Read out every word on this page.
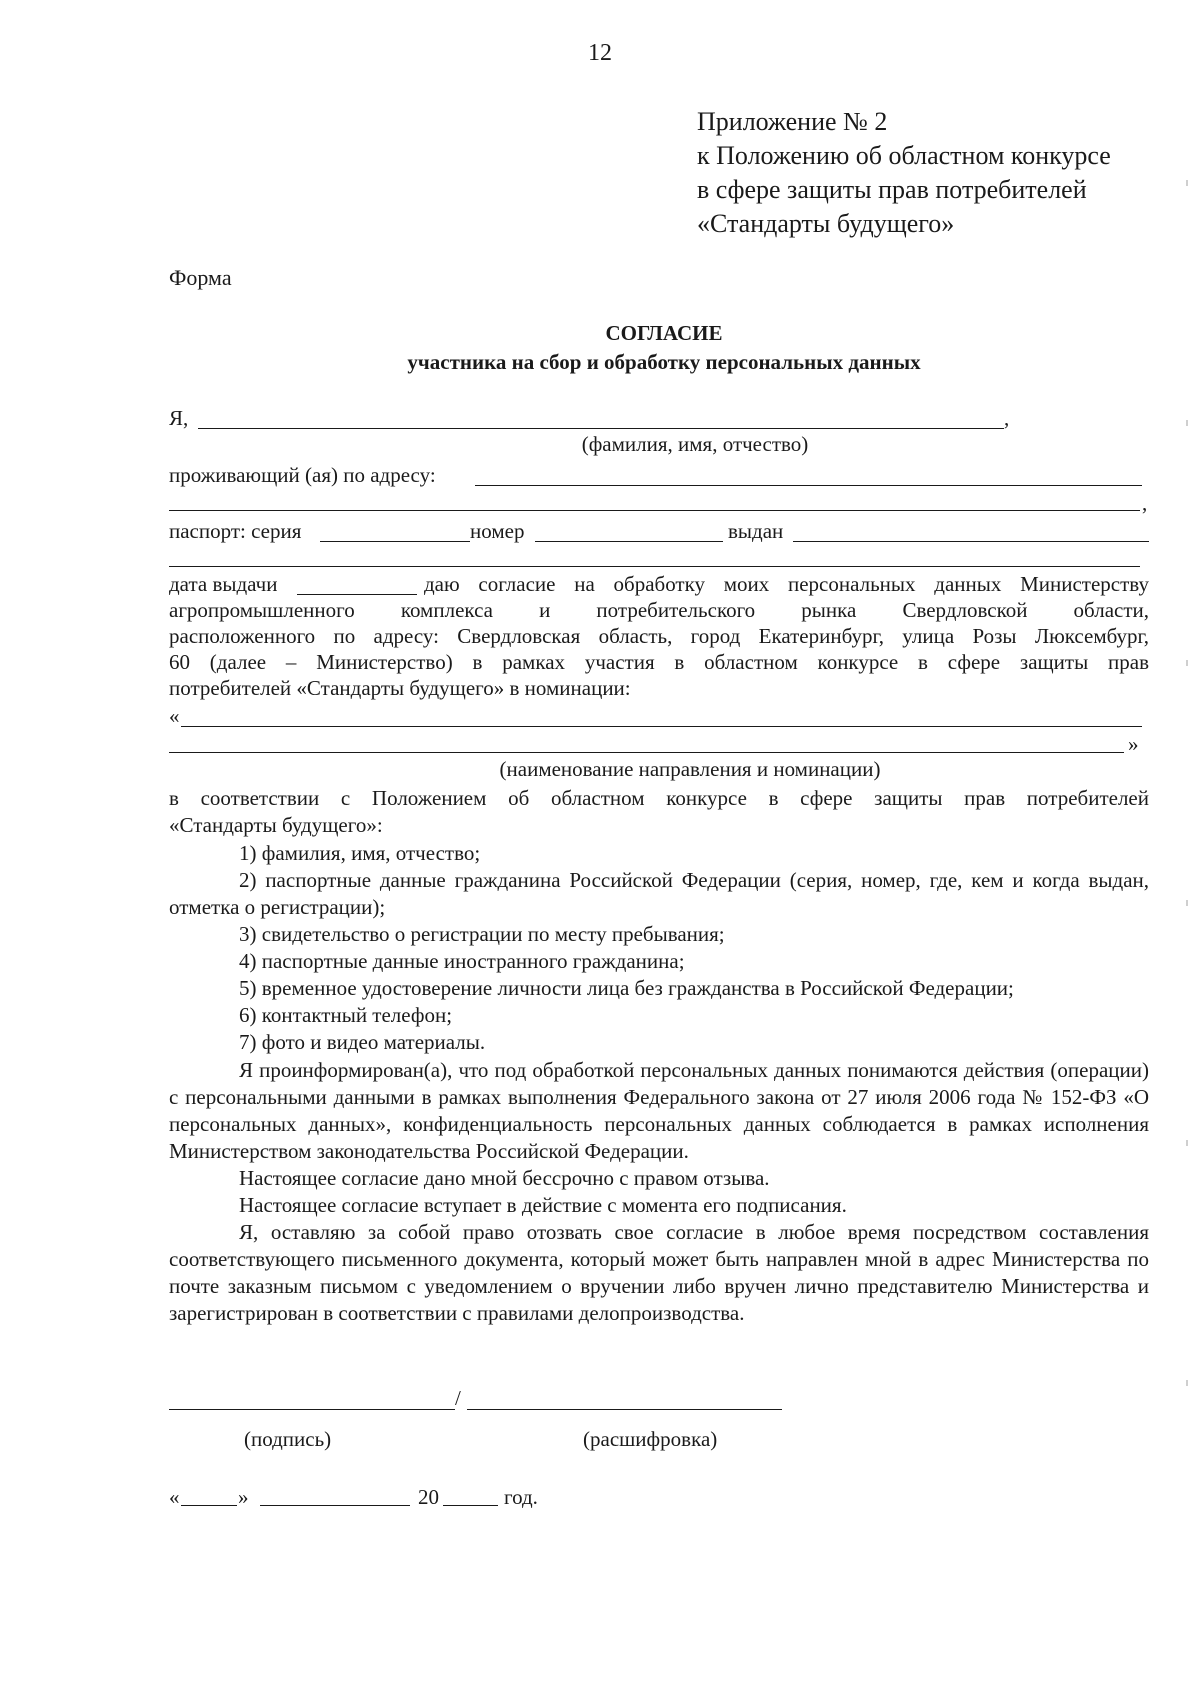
12
Приложение № 2
к Положению об областном конкурсе
в сфере защиты прав потребителей
«Стандарты будущего»
Форма
СОГЛАСИЕ
участника на сбор и обработку персональных данных
Я,	,
(фамилия, имя, отчество)
проживающий (ая) по адресу:
,
паспорт: серия	номер	выдан
дата выдачи	даю согласие на обработку моих персональных данных Министерству
агропромышленного комплекса и потребительского рынка Свердловской области,
расположенного по адресу: Свердловская область, город Екатеринбург, улица Розы Люксембург,
60 (далее – Министерство) в рамках участия в областном конкурсе в сфере защиты прав
потребителей «Стандарты будущего» в номинации:
«
»
(наименование направления и номинации)
в соответствии с Положением об областном конкурсе в сфере защиты прав потребителей
«Стандарты будущего»:
1) фамилия, имя, отчество;
2) паспортные данные гражданина Российской Федерации (серия, номер, где, кем и когда выдан, отметка о регистрации);
3) свидетельство о регистрации по месту пребывания;
4) паспортные данные иностранного гражданина;
5) временное удостоверение личности лица без гражданства в Российской Федерации;
6) контактный телефон;
7) фото и видео материалы.
Я проинформирован(а), что под обработкой персональных данных понимаются действия (операции) с персональными данными в рамках выполнения Федерального закона от 27 июля 2006 года № 152-ФЗ «О персональных данных», конфиденциальность персональных данных соблюдается в рамках исполнения Министерством законодательства Российской Федерации.
Настоящее согласие дано мной бессрочно с правом отзыва.
Настоящее согласие вступает в действие с момента его подписания.
Я, оставляю за собой право отозвать свое согласие в любое время посредством составления соответствующего письменного документа, который может быть направлен мной в адрес Министерства по почте заказным письмом с уведомлением о вручении либо вручен лично представителю Министерства и зарегистрирован в соответствии с правилами делопроизводства.
/
(подпись)	(расшифровка)
«	»	20	год.
